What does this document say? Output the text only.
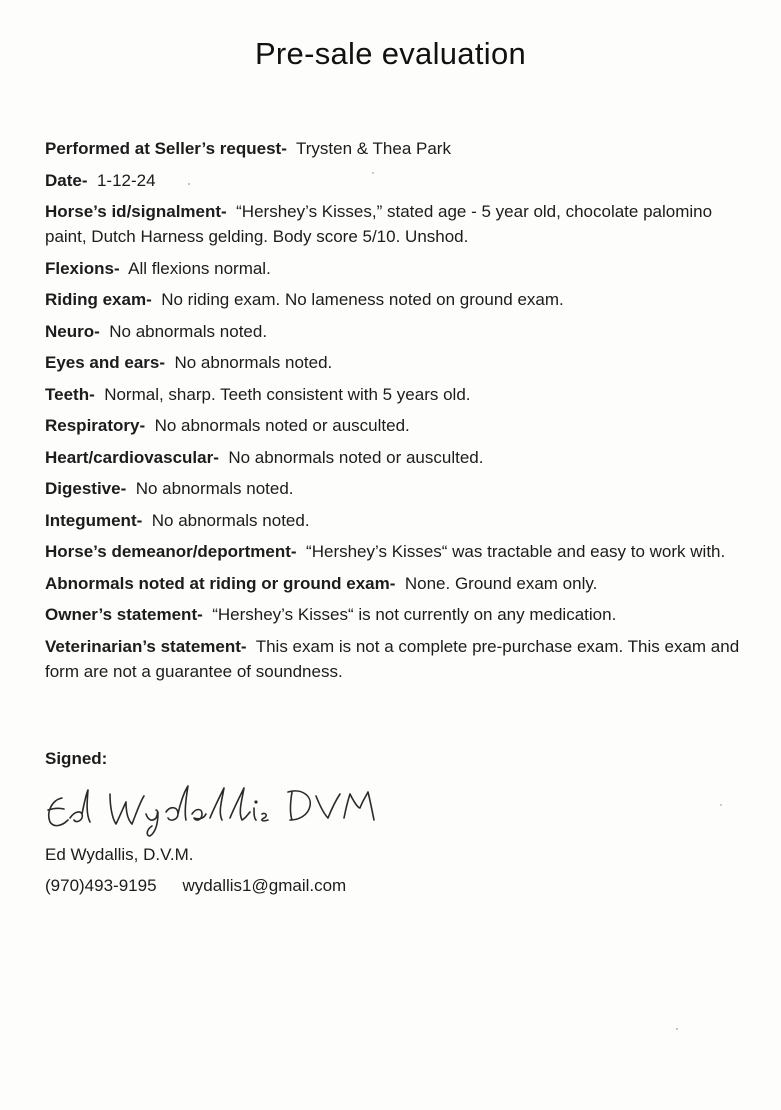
Pre-sale evaluation
Performed at Seller’s request- Trysten & Thea Park
Date- 1-12-24
Horse’s id/signalment- “Hershey’s Kisses,” stated age - 5 year old, chocolate palomino paint, Dutch Harness gelding. Body score 5/10. Unshod.
Flexions- All flexions normal.
Riding exam- No riding exam. No lameness noted on ground exam.
Neuro- No abnormals noted.
Eyes and ears- No abnormals noted.
Teeth- Normal, sharp. Teeth consistent with 5 years old.
Respiratory- No abnormals noted or ausculted.
Heart/cardiovascular- No abnormals noted or ausculted.
Digestive- No abnormals noted.
Integument- No abnormals noted.
Horse’s demeanor/deportment- “Hershey’s Kisses“ was tractable and easy to work with.
Abnormals noted at riding or ground exam- None. Ground exam only.
Owner’s statement- “Hershey’s Kisses“ is not currently on any medication.
Veterinarian’s statement- This exam is not a complete pre-purchase exam. This exam and form are not a guarantee of soundness.
Signed:
Ed Wydallis, D.V.M.
(970)493-9195 wydallis1@gmail.com
